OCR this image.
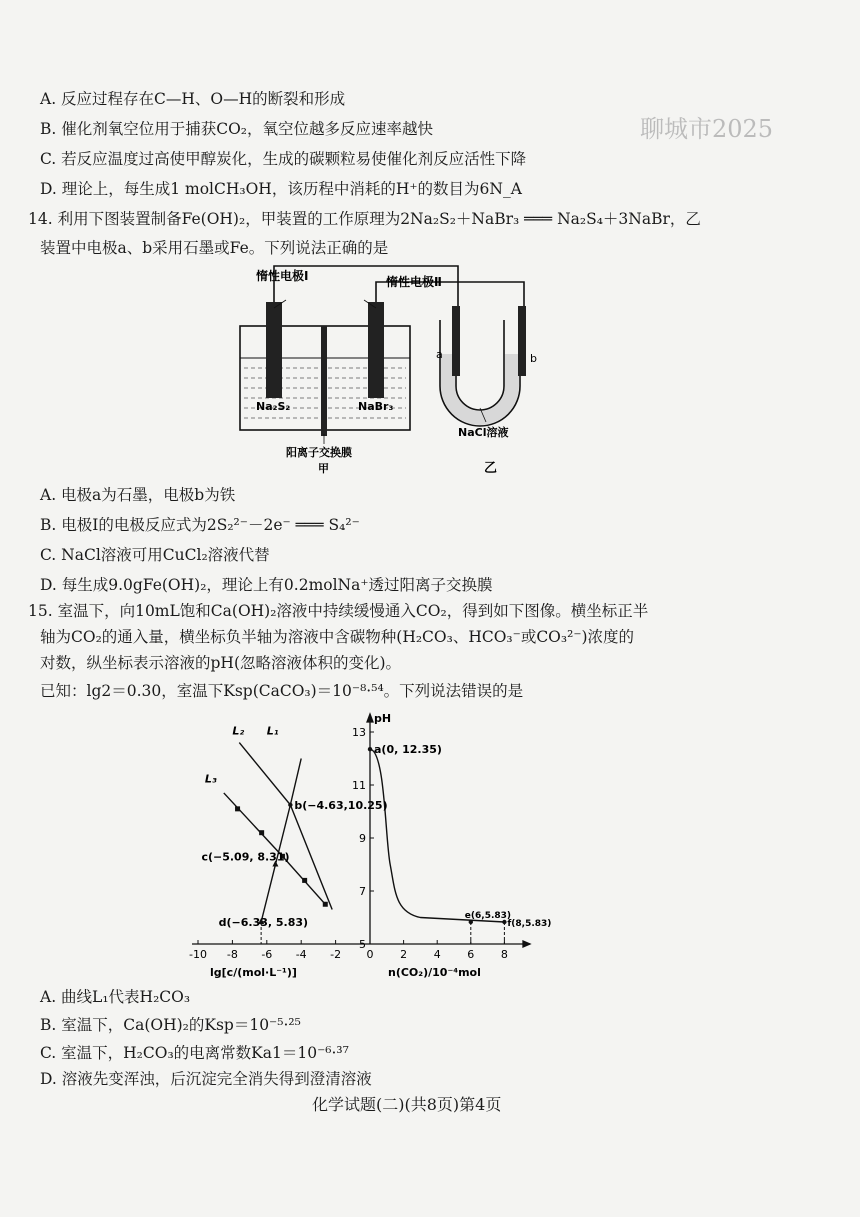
A. 反应过程存在C—H、O—H的断裂和形成
B. 催化剂氧空位用于捕获CO₂，氧空位越多反应速率越快
C. 若反应温度过高使甲醇炭化，生成的碳颗粒易使催化剂反应活性下降
D. 理论上，每生成1 molCH₃OH，该历程中消耗的H⁺的数目为6N_A
聊城市2025
14. 利用下图装置制备Fe(OH)₂，甲装置的工作原理为2Na₂S₂＋NaBr₃ ═══ Na₂S₄＋3NaBr，乙
装置中电极a、b采用石墨或Fe。下列说法正确的是
惰性电极Ⅰ	惰性电极Ⅱ
Na₂S₂	NaBr₃
阳离子交换膜
甲
NaCl溶液
乙
a	b
A. 电极a为石墨，电极b为铁
B. 电极Ⅰ的电极反应式为2S₂²⁻－2e⁻ ═══ S₄²⁻
C. NaCl溶液可用CuCl₂溶液代替
D. 每生成9.0gFe(OH)₂，理论上有0.2molNa⁺透过阳离子交换膜
15. 室温下，向10mL饱和Ca(OH)₂溶液中持续缓慢通入CO₂，得到如下图像。横坐标正半
轴为CO₂的通入量，横坐标负半轴为溶液中含碳物种(H₂CO₃、HCO₃⁻或CO₃²⁻)浓度的
对数，纵坐标表示溶液的pH(忽略溶液体积的变化)。
已知：lg2＝0.30，室温下Ksp(CaCO₃)＝10⁻⁸·⁵⁴。下列说法错误的是
-10 -8 -6 -4 -2 0 2 4 6 8
5
7
9
11
13
pH
lg[c/(mol·L⁻¹)]	n(CO₂)/10⁻⁴mol
a(0, 12.35)
b(−4.63,10.25)
c(−5.09, 8.31)
d(−6.33, 5.83)	e(6,5.83)
f(8,5.83)
L₁
L₂
L₃
A. 曲线L₁代表H₂CO₃
B. 室温下，Ca(OH)₂的Ksp＝10⁻⁵·²⁵
C. 室温下，H₂CO₃的电离常数Ka1＝10⁻⁶·³⁷
D. 溶液先变浑浊，后沉淀完全消失得到澄清溶液
化学试题(二)(共8页)第4页
